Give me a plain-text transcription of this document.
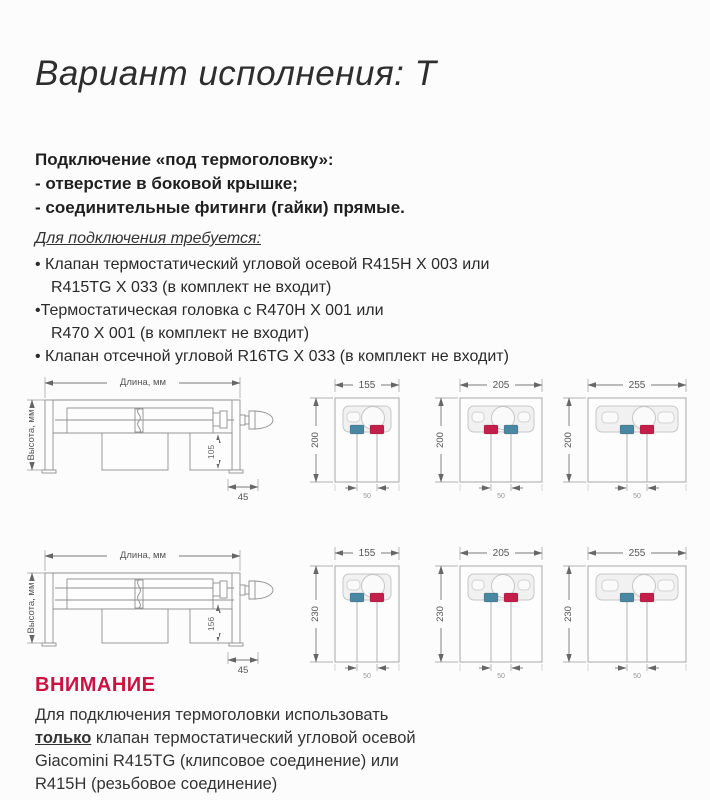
Вариант исполнения: Т
Подключение «под термоголовку»:
- отверстие в боковой крышке;
- соединительные фитинги (гайки) прямые.
Для подключения требуется:
• Клапан термостатический угловой осевой R415H X 003 или
R415TG X 033 (в комплект не входит)
•Термостатическая головка с R470H X 001 или
R470 X 001 (в комплект не входит)
• Клапан отсечной угловой R16TG X 033 (в комплект не входит)
Длина, мм
Высота, мм	105
45
155
200
50
205
200
50
255
200
50
Длина, мм
Высота, мм	156
45
155
230
50
205
230
50
255
230
50
ВНИМАНИЕ
Для подключения термоголовки использовать
только клапан термостатический угловой осевой
Giacomini R415TG (клипсовое соединение) или
R415H (резьбовое соединение)
